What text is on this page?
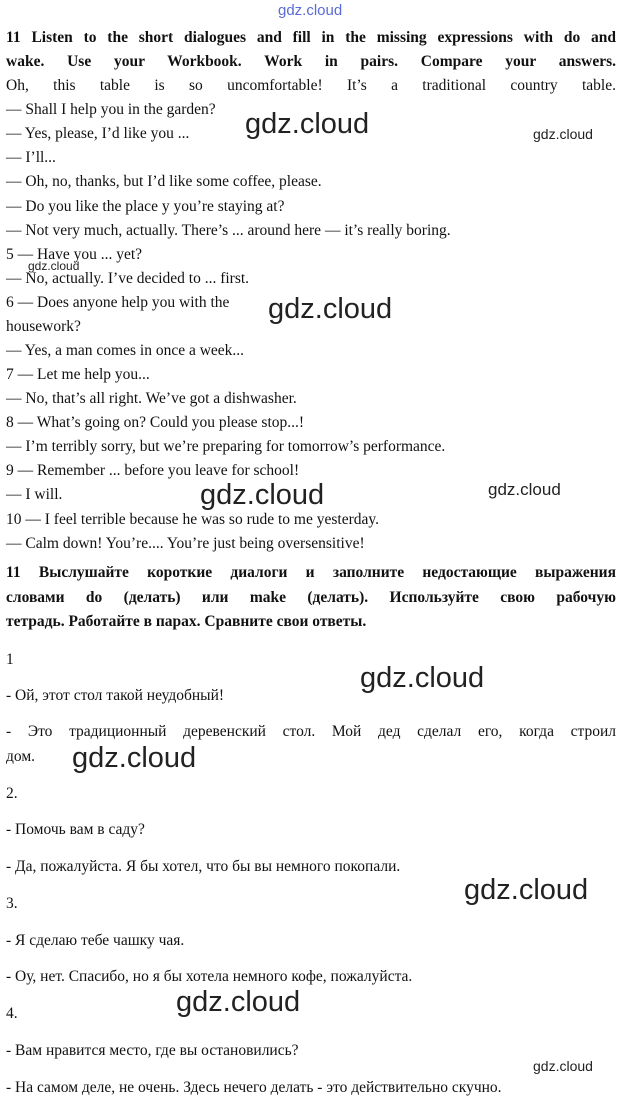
gdz.cloud
11 Listen to the short dialogues and fill in the missing expressions with do and
wake. Use your Workbook. Work in pairs. Compare your answers.
Oh, this table is so uncomfortable! It’s a traditional country table.
— Shall I help you in the garden?
— Yes, please, I’d like you ...
— I’ll...
— Oh, no, thanks, but I’d like some coffee, please.
— Do you like the place y you’re staying at?
— Not very much, actually. There’s ... around here — it’s really boring.
5 — Have you ... yet?
— No, actually. I’ve decided to ... first.
6 — Does anyone help you with the
housework?
— Yes, a man comes in once a week...
7 — Let me help you...
— No, that’s all right. We’ve got a dishwasher.
8 — What’s going on? Could you please stop...!
— I’m terribly sorry, but we’re preparing for tomorrow’s performance.
9 — Remember ... before you leave for school!
— I will.
10 — I feel terrible because he was so rude to me yesterday.
— Calm down! You’re.... You’re just being oversensitive!
11 Выслушайте короткие диалоги и заполните недостающие выражения
словами do (делать) или make (делать). Используйте свою рабочую
тетрадь. Работайте в парах. Сравните свои ответы.
1
- Ой, этот стол такой неудобный!
- Это традиционный деревенский стол. Мой дед сделал его, когда строил
дом.
2.
- Помочь вам в саду?
- Да, пожалуйста. Я бы хотел, что бы вы немного покопали.
3.
- Я сделаю тебе чашку чая.
- Оу, нет. Спасибо, но я бы хотела немного кофе, пожалуйста.
4.
- Вам нравится место, где вы остановились?
- На самом деле, не очень. Здесь нечего делать - это действительно скучно.
gdz.cloud	gdz.cloud
gdz.cloud
gdz.cloud
gdz.cloud	gdz.cloud
gdz.cloud
gdz.cloud
gdz.cloud
gdz.cloud
gdz.cloud
